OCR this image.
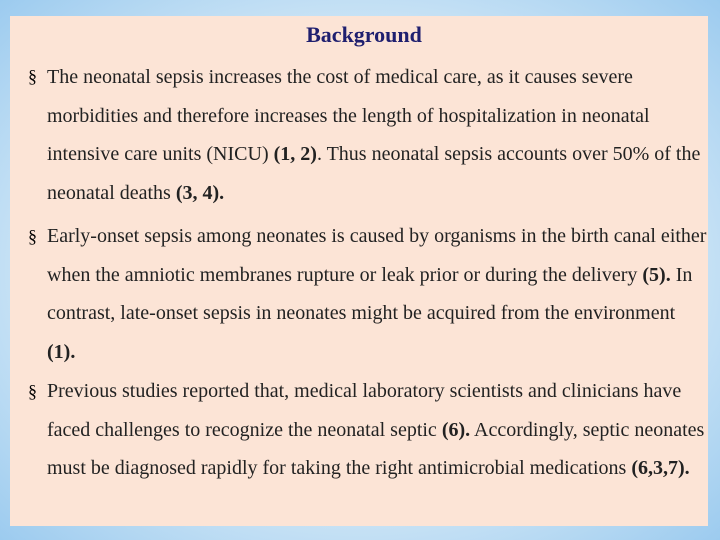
Background
§ The neonatal sepsis increases the cost of medical care, as it causes severe morbidities and therefore increases the length of hospitalization in neonatal intensive care units (NICU) (1, 2). Thus neonatal sepsis accounts over 50% of the neonatal deaths (3, 4).
§ Early-onset sepsis among neonates is caused by organisms in the birth canal either when the amniotic membranes rupture or leak prior or during the delivery (5). In contrast, late-onset sepsis in neonates might be acquired from the environment (1).
§ Previous studies reported that, medical laboratory scientists and clinicians have faced challenges to recognize the neonatal septic (6). Accordingly, septic neonates must be diagnosed rapidly for taking the right antimicrobial medications (6,3,7).
